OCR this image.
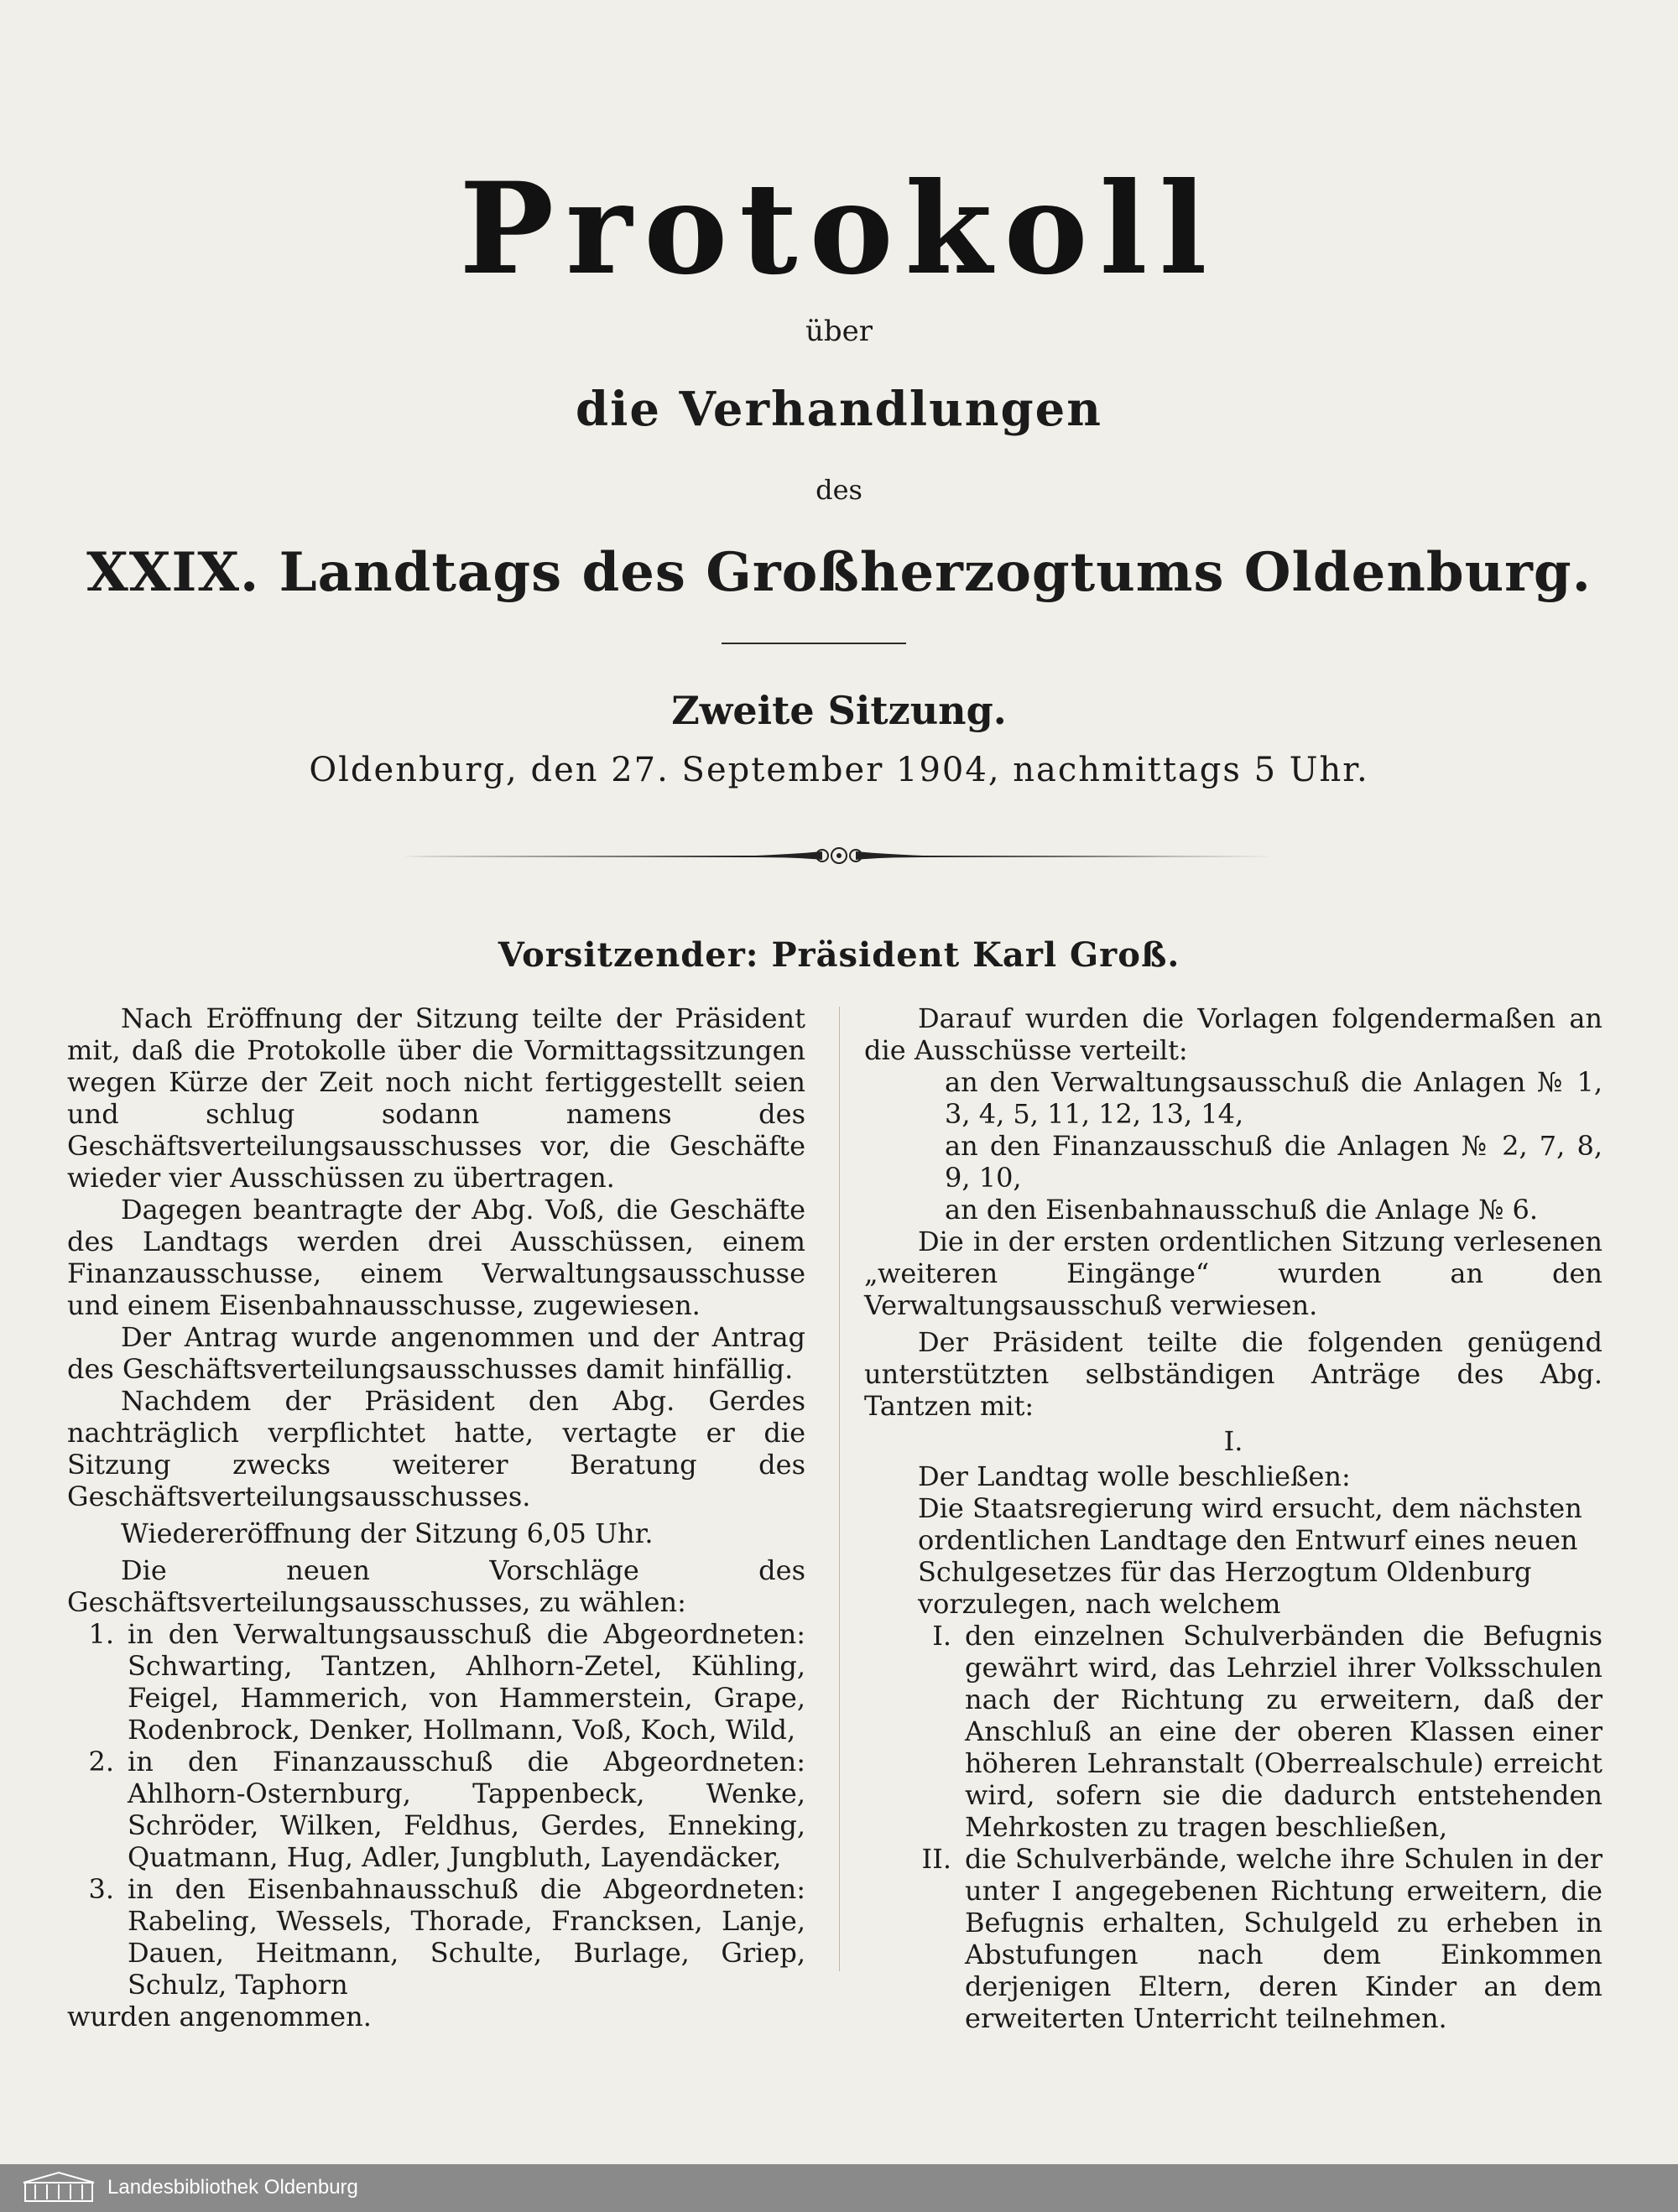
Protokoll
über
die Verhandlungen
des
XXIX. Landtags des Großherzogtums Oldenburg.
Zweite Sitzung.
Oldenburg, den 27. September 1904, nachmittags 5 Uhr.
Vorsitzender: Präsident Karl Groß.

Nach Eröffnung der Sitzung teilte der Präsident mit, daß die Protokolle über die Vormittagssitzungen wegen Kürze der Zeit noch nicht fertiggestellt seien und schlug sodann namens des Geschäftsverteilungsausschusses vor, die Geschäfte wieder vier Ausschüssen zu übertragen.

Dagegen beantragte der Abg. Voß, die Geschäfte des Landtags werden drei Ausschüssen, einem Finanzausschusse, einem Verwaltungsausschusse und einem Eisenbahnausschusse, zugewiesen.

Der Antrag wurde angenommen und der Antrag des Geschäftsverteilungsausschusses damit hinfällig.

Nachdem der Präsident den Abg. Gerdes nachträglich verpflichtet hatte, vertagte er die Sitzung zwecks weiterer Beratung des Geschäftsverteilungsausschusses.

Wiedereröffnung der Sitzung 6,05 Uhr.

Die neuen Vorschläge des Geschäftsverteilungsausschusses, zu wählen:

1. in den Verwaltungsausschuß die Abgeordneten: Schwarting, Tantzen, Ahlhorn-Zetel, Kühling, Feigel, Hammerich, von Hammerstein, Grape, Rodenbrock, Denker, Hollmann, Voß, Koch, Wild,
2. in den Finanzausschuß die Abgeordneten: Ahlhorn-Osternburg, Tappenbeck, Wenke, Schröder, Wilken, Feldhus, Gerdes, Enneking, Quatmann, Hug, Adler, Jungbluth, Layendäcker,
3. in den Eisenbahnausschuß die Abgeordneten: Rabeling, Wessels, Thorade, Francksen, Lanje, Dauen, Heitmann, Schulte, Burlage, Griep, Schulz, Taphorn

wurden angenommen.

Darauf wurden die Vorlagen folgendermaßen an die Ausschüsse verteilt:

an den Verwaltungsausschuß die Anlagen № 1, 3, 4, 5, 11, 12, 13, 14,
an den Finanzausschuß die Anlagen № 2, 7, 8, 9, 10,
an den Eisenbahnausschuß die Anlage № 6.

Die in der ersten ordentlichen Sitzung verlesenen „weiteren Eingänge“ wurden an den Verwaltungsausschuß verwiesen.

Der Präsident teilte die folgenden genügend unterstützten selbständigen Anträge des Abg. Tantzen mit:

I.
Der Landtag wolle beschließen:
Die Staatsregierung wird ersucht, dem nächsten ordentlichen Landtage den Entwurf eines neuen Schulgesetzes für das Herzogtum Oldenburg vorzulegen, nach welchem
I. den einzelnen Schulverbänden die Befugnis gewährt wird, das Lehrziel ihrer Volksschulen nach der Richtung zu erweitern, daß der Anschluß an eine der oberen Klassen einer höheren Lehranstalt (Oberrealschule) erreicht wird, sofern sie die dadurch entstehenden Mehrkosten zu tragen beschließen,
II. die Schulverbände, welche ihre Schulen in der unter I angegebenen Richtung erweitern, die Befugnis erhalten, Schulgeld zu erheben in Abstufungen nach dem Einkommen derjenigen Eltern, deren Kinder an dem erweiterten Unterricht teilnehmen.
Landesbibliothek Oldenburg
